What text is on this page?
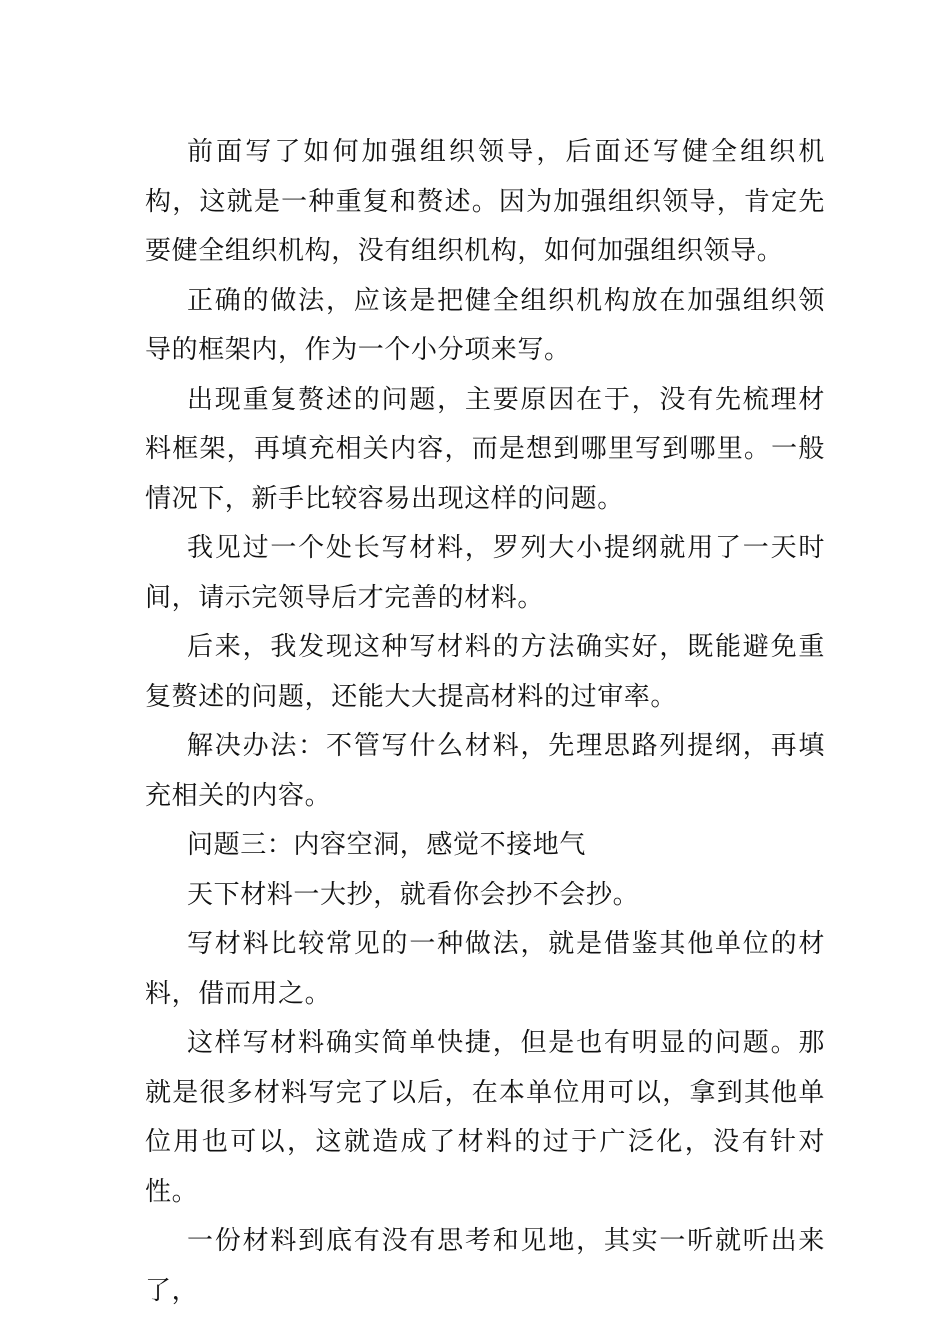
前面写了如何加强组织领导，后面还写健全组织机构，这就是一种重复和赘述。因为加强组织领导，肯定先要健全组织机构，没有组织机构，如何加强组织领导。

正确的做法，应该是把健全组织机构放在加强组织领导的框架内，作为一个小分项来写。

出现重复赘述的问题，主要原因在于，没有先梳理材料框架，再填充相关内容，而是想到哪里写到哪里。一般情况下，新手比较容易出现这样的问题。

我见过一个处长写材料，罗列大小提纲就用了一天时间，请示完领导后才完善的材料。

后来，我发现这种写材料的方法确实好，既能避免重复赘述的问题，还能大大提高材料的过审率。

解决办法：不管写什么材料，先理思路列提纲，再填充相关的内容。

问题三：内容空洞，感觉不接地气

天下材料一大抄，就看你会抄不会抄。

写材料比较常见的一种做法，就是借鉴其他单位的材料，借而用之。

这样写材料确实简单快捷，但是也有明显的问题。那就是很多材料写完了以后，在本单位用可以，拿到其他单位用也可以，这就造成了材料的过于广泛化，没有针对性。

一份材料到底有没有思考和见地，其实一听就听出来了，
